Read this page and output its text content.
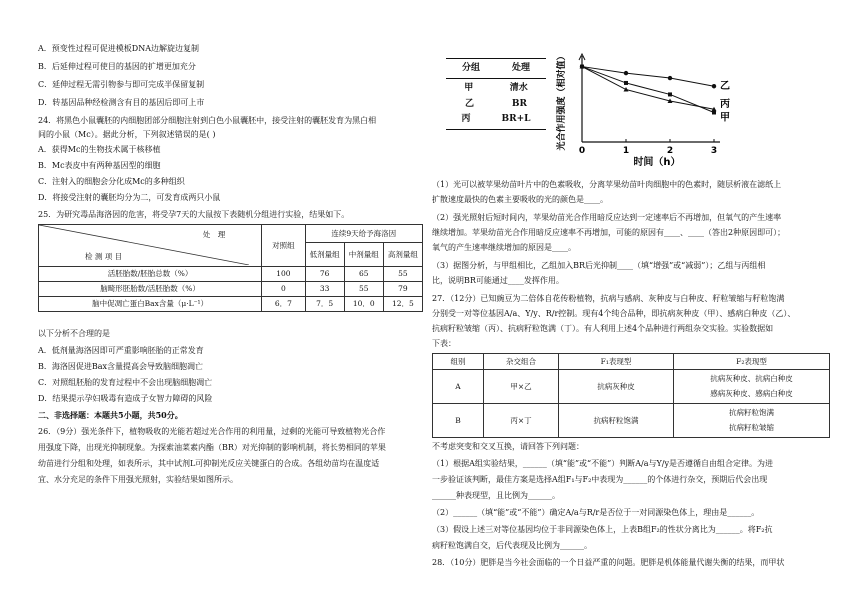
A．预变性过程可促进模板DNA边解旋边复制
B．后延伸过程可使目的基因的扩增更加充分
C．延伸过程无需引物参与即可完成半保留复制
D．转基因品种经检测含有目的基因后即可上市
24．将黑色小鼠囊胚的内细胞团部分细胞注射到白色小鼠囊胚中，接受注射的囊胚发育为黑白相
间的小鼠（Mc）。据此分析，下列叙述错误的是( )
A．获得Mc的生物技术属于核移植
B．Mc表皮中有两种基因型的细胞
C．注射入的细胞会分化成Mc的多种组织
D．将接受注射的囊胚均分为二，可发育成两只小鼠
25．为研究毒品海洛因的危害，将受孕7天的大鼠按下表随机分组进行实验，结果如下。
处　理
检 测 项 目	对照组	连续9天给予海洛因		
		低剂量组	中剂量组	高剂量组
活胚胎数/胚胎总数（%）	100	76	65	55
脑畸形胚胎数/活胚胎数（%）	0	33	55	79
脑中促凋亡蛋白Bax含量（μ·L⁻¹）	6．7	7．5	10．0	12．5
以下分析不合理的是
A．低剂量海洛因即可严重影响胚胎的正常发育
B．海洛因促进Bax含量提高会导致脑细胞凋亡
C．对照组胚胎的发育过程中不会出现脑细胞凋亡
D．结果提示孕妇吸毒有造成子女智力障碍的风险
二、非选择题：本题共5小题，共50分。
26．（9分）强光条件下，植物吸收的光能若超过光合作用的利用量，过剩的光能可导致植物光合作
用强度下降，出现光抑制现象。为探索油菜素内酯（BR）对光抑制的影响机制，将长势相同的苹果
幼苗进行分组和处理，如表所示，其中试剂L可抑制光反应关键蛋白的合成。各组幼苗均在温度适
宜、水分充足的条件下用强光照射，实验结果如图所示。
分组	处理
甲	清水
乙	BR
丙	BR+L
0	1	2	3
时间（h）
光合作用强度（相对值）	乙
甲
丙
（1）光可以被苹果幼苗叶片中的色素吸收，分离苹果幼苗叶肉细胞中的色素时，随层析液在滤纸上
扩散速度最快的色素主要吸收的光的颜色是____。
（2）强光照射后短时间内，苹果幼苗光合作用暗反应达到一定速率后不再增加，但氧气的产生速率
继续增加。苹果幼苗光合作用暗反应速率不再增加，可能的原因有____、____（答出2种原因即可）；
氧气的产生速率继续增加的原因是____。
（3）据图分析，与甲组相比，乙组加入BR后光抑制____（填“增强”或“减弱”）；乙组与丙组相
比，说明BR可能通过____发挥作用。
27．（12分）已知豌豆为二倍体自花传粉植物，抗病与感病、灰种皮与白种皮、籽粒皱缩与籽粒饱满
分别受一对等位基因A/a、Y/y、R/r控制。现有4个纯合品种，即抗病灰种皮（甲）、感病白种皮（乙）、
抗病籽粒皱缩（丙）、抗病籽粒饱满（丁）。有人利用上述4个品种进行两组杂交实验。实验数据如
下表：
组别	杂交组合	F₁表现型	F₂表现型
A	甲×乙	抗病灰种皮	抗病灰种皮、抗病白种皮
感病灰种皮、感病白种皮

B	丙×丁	抗病籽粒饱满	抗病籽粒饱满
抗病籽粒皱缩
不考虑突变和交叉互换，请回答下列问题：
（1）根据A组实验结果，______（填“能”或“不能”）判断A/a与Y/y是否遵循自由组合定律。为进
一步验证该判断，最佳方案是选择A组F₁与F₂中表现为______的个体进行杂交，预期后代会出现
______种表现型，且比例为______。
（2）______（填“能”或“不能”）确定A/a与R/r是否位于一对同源染色体上，理由是______。
（3）假设上述三对等位基因均位于非同源染色体上，上表B组F₂的性状分离比为______。将F₂抗
病籽粒饱满自交，后代表现及比例为______。
28．（10分）肥胖是当今社会面临的一个日益严重的问题。肥胖是机体能量代谢失衡的结果，而甲状
